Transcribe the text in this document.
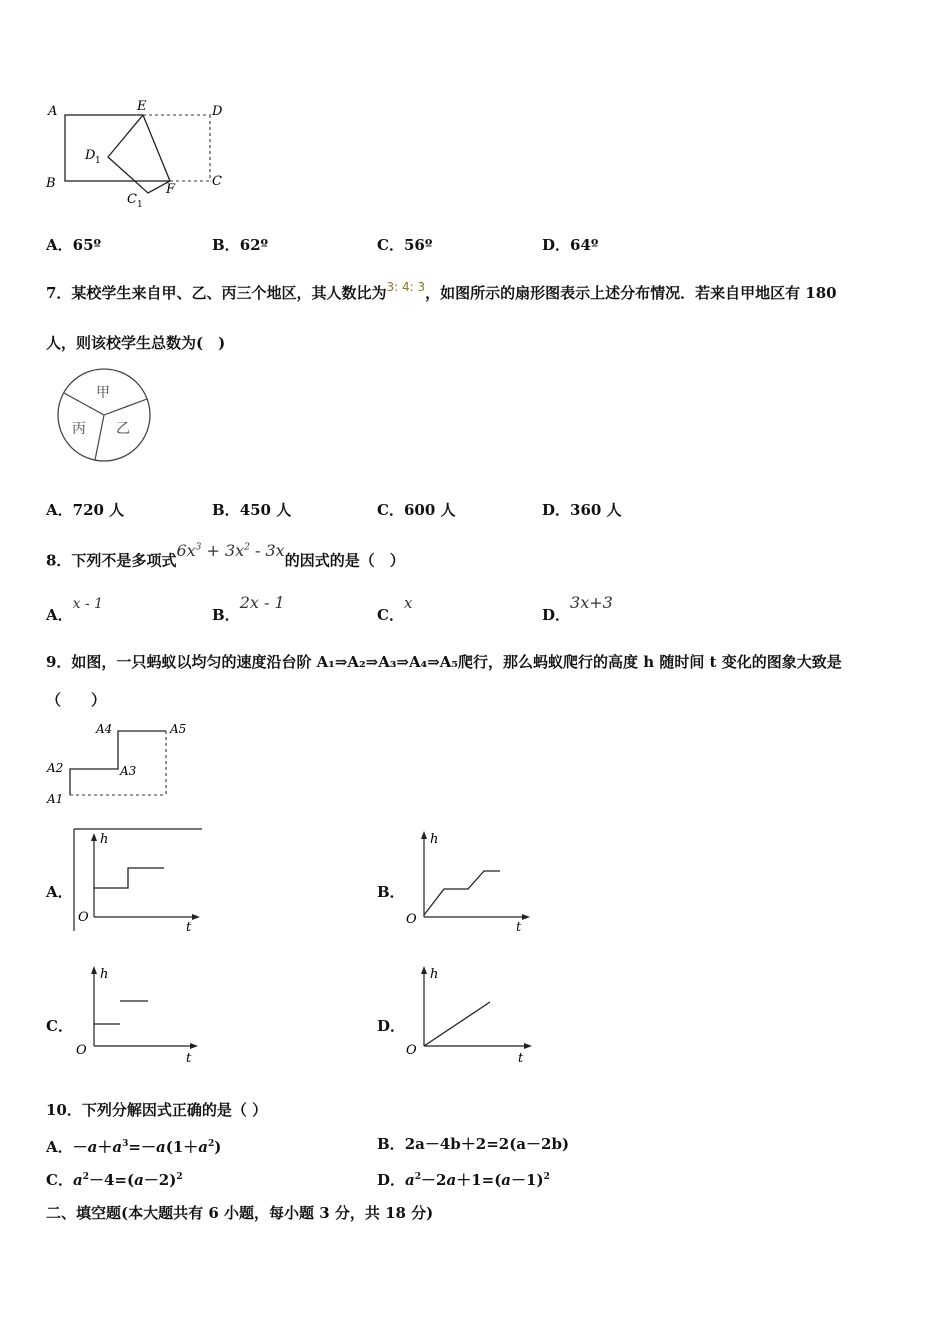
A	E	D
D 1
B
C 1
F
C
A．65º	B．62º	C．56º	D．64º
7．某校学生来自甲、乙、丙三个地区，其人数比为$^{3: 4: 3}$，如图所示的扇形图表示上述分布情况．若来自甲地区有 180
人，则该校学生总数为(　)
甲
丙 乙
A．720 人	B．450 人	C．600 人	D．360 人
8．下列不是多项式$6x^3 + 3x^2 - 3x$的因式的是（　）
A．x - 1
B．2x - 1
C．x
D．3x+3
9．如图，一只蚂蚁以均匀的速度沿台阶 A₁⇒A₂⇒A₃⇒A₄⇒A₅爬行，那么蚂蚁爬行的高度 h 随时间 t 变化的图象大致是
（　　）
A4	A5
A2	A3
A1
A．
h
O
t
B．
h
O
t
C．
h
O
t
D．
h
O
t
10．下列分解因式正确的是（ ）
A．$-a+a^3=-a(1+a^2)$	B．2a－4b＋2=2(a－2b)
C．$a^2-4=(a-2)^2$	D．$a^2-2a+1=(a-1)^2$
二、填空题(本大题共有 6 小题，每小题 3 分，共 18 分)
